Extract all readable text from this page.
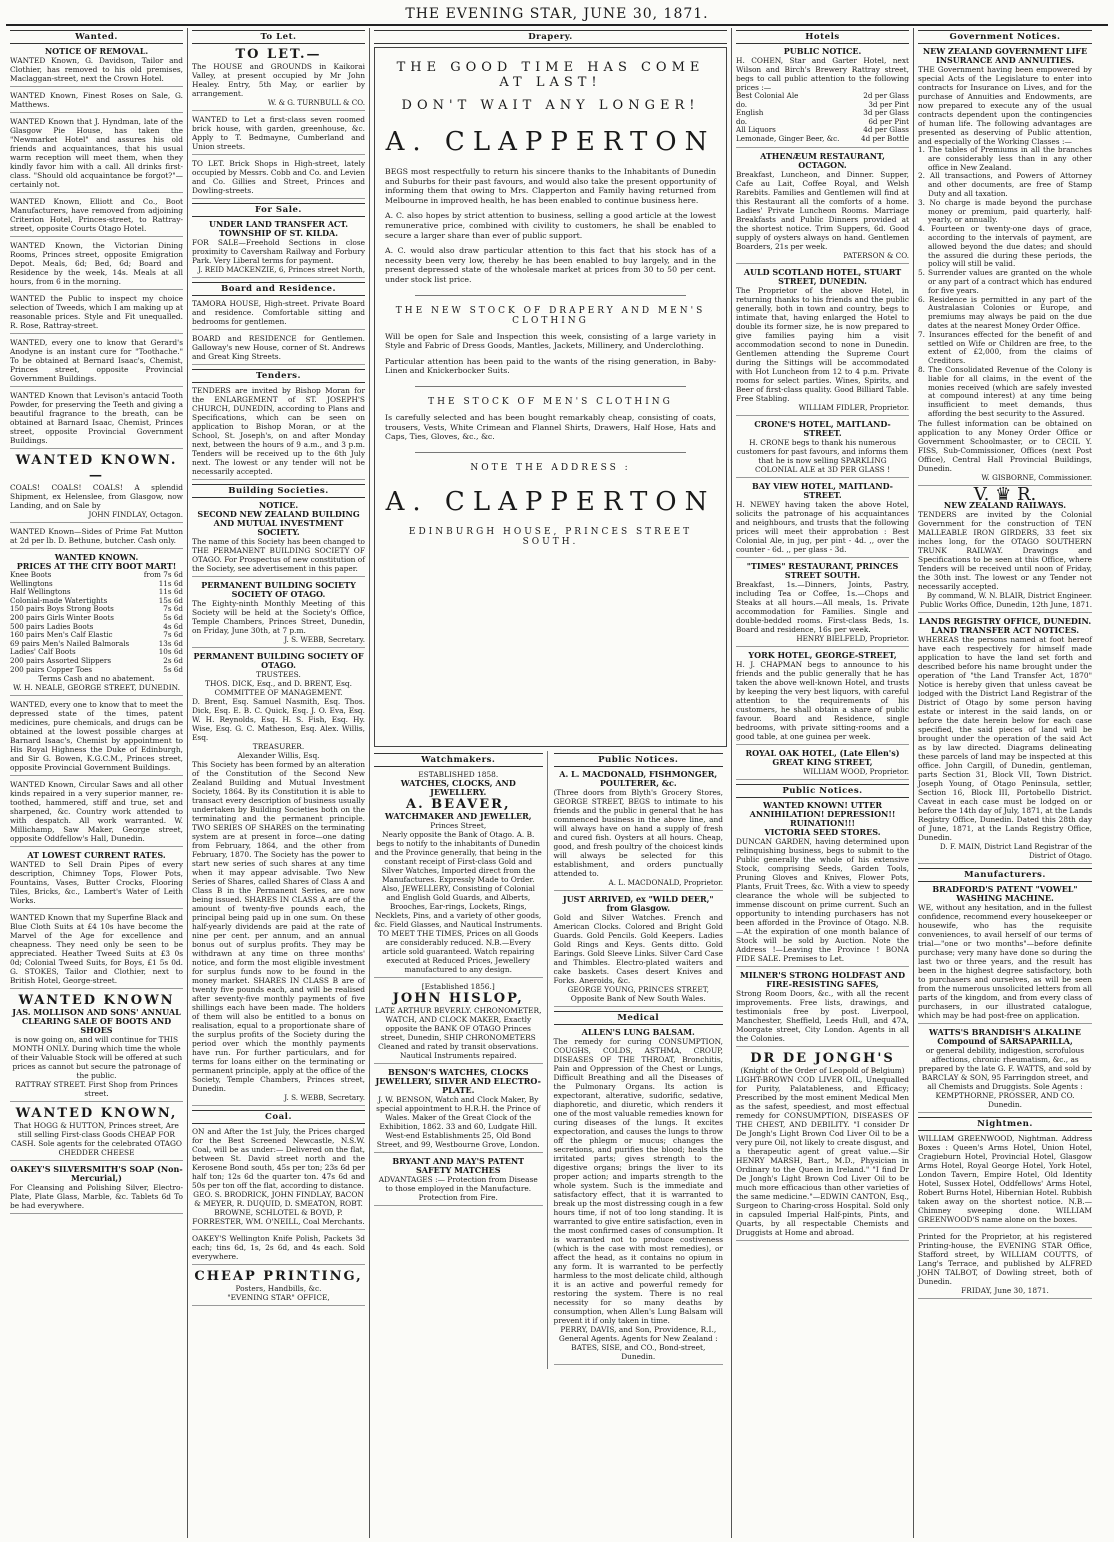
THE EVENING STAR, JUNE 30, 1871.
Wanted.
NOTICE OF REMOVAL.
WANTED Known, G. Davidson, Tailor and Clothier, has removed to his old premises, Maclaggan-street, next the Crown Hotel.
WANTED Known, Finest Roses on Sale, G. Matthews.
WANTED Known that J. Hyndman, late of the Glasgow Pie House, has taken the "Newmarket Hotel" and assures his old friends and acquaintances, that his usual warm reception will meet them, when they kindly favor him with a call. All drinks first-class. "Should old acquaintance be forgot?"—certainly not.
WANTED Known, Elliott and Co., Boot Manufacturers, have removed from adjoining Criterion Hotel, Princes-street, to Rattray-street, opposite Courts Otago Hotel.
WANTED Known, the Victorian Dining Rooms, Princes street, opposite Emigration Depot. Meals, 6d; Bed, 6d; Board and Residence by the week, 14s. Meals at all hours, from 6 in the morning.
WANTED the Public to inspect my choice selection of Tweeds, which I am making up at reasonable prices. Style and Fit unequalled. R. Rose, Rattray-street.
WANTED, every one to know that Gerard's Anodyne is an instant cure for "Toothache." To be obtained at Bernard Isaac's, Chemist, Princes street, opposite Provincial Government Buildings.
WANTED Known that Levison's antacid Tooth Powder, for preserving the Teeth and giving a beautiful fragrance to the breath, can be obtained at Barnard Isaac, Chemist, Princes street, opposite Provincial Government Buildings.
WANTED KNOWN.—
COALS! COALS! COALS! A splendid Shipment, ex Helenslee, from Glasgow, now Landing, and on Sale by
JOHN FINDLAY, Octagon.
WANTED Known—Sides of Prime Fat Mutton at 2d per lb. D. Bethune, butcher. Cash only.
WANTED KNOWN.
PRICES AT THE CITY BOOT MART!
Knee Boots	from 7s 6d
Wellingtons	11s 6d
Half Wellingtons	11s 6d
Colonial-made Watertights	15s 6d
150 pairs Boys Strong Boots	7s 6d
200 pairs Girls Winter Boots	5s 6d
500 pairs Ladies Boots	4s 6d
160 pairs Men's Calf Elastic	7s 6d
69 pairs Men's Nailed Balmorals	13s 6d
Ladies' Calf Boots	10s 6d
200 pairs Assorted Slippers	2s 6d
200 pairs Copper Toes	5s 6d
Terms Cash and no abatement.
W. H. NEALE, GEORGE STREET, DUNEDIN.
WANTED, every one to know that to meet the depressed state of the times, patent medicines, pure chemicals, and drugs can be obtained at the lowest possible charges at Barnard Isaac's, Chemist by appointment to His Royal Highness the Duke of Edinburgh, and Sir G. Bowen, K.G.C.M., Princes street, opposite Provincial Government Buildings.
WANTED Known, Circular Saws and all other kinds repaired in a very superior manner, re-toothed, hammered, stiff and true, set and sharpened, &c. Country work attended to with despatch. All work warranted. W. Millichamp, Saw Maker, George street, opposite Oddfellow's Hall, Dunedin.
AT LOWEST CURRENT RATES.
WANTED to Sell Drain Pipes of every description, Chimney Tops, Flower Pots, Fountains, Vases, Butter Crocks, Flooring Tiles, Bricks, &c., Lambert's Water of Leith Works.
WANTED Known that my Superfine Black and Blue Cloth Suits at £4 10s have become the Marvel of the Age for excellence and cheapness. They need only be seen to be appreciated. Heather Tweed Suits at £3 0s 0d; Colonial Tweed Suits, for Boys, £1 5s 0d. G. STOKES, Tailor and Clothier, next to British Hotel, George-street.
WANTED KNOWN
JAS. MOLLISON AND SONS' ANNUAL CLEARING SALE OF BOOTS AND SHOES
is now going on, and will continue for THIS MONTH ONLY. During which time the whole of their Valuable Stock will be offered at such prices as cannot but secure the patronage of the public.
RATTRAY STREET. First Shop from Princes street.
WANTED KNOWN,
That HOGG & HUTTON, Princes street, Are still selling First-class Goods CHEAP FOR CASH. Sole agents for the celebrated OTAGO CHEDDER CHEESE
OAKEY'S SILVERSMITH'S SOAP (Non-Mercurial,)
For Cleansing and Polishing Silver, Electro-Plate, Plate Glass, Marble, &c. Tablets 6d To be had everywhere.
To Let.
TO LET.—
The HOUSE and GROUNDS in Kaikorai Valley, at present occupied by Mr John Healey. Entry, 5th May, or earlier by arrangement.
W. & G. TURNBULL & CO.
WANTED to Let a first-class seven roomed brick house, with garden, greenhouse, &c. Apply to T. Bedmayne, Cumberland and Union streets.
TO LET. Brick Shops in High-street, lately occupied by Messrs. Cobb and Co. and Levien and Co. Gillies and Street, Princes and Dowling-streets.
For Sale.
UNDER LAND TRANSFER ACT. TOWNSHIP OF ST. KILDA.
FOR SALE—Freehold Sections in close proximity to Caversham Railway and Forbury Park. Very Liberal terms for payment.
J. REID MACKENZIE, 6, Princes street North,
Board and Residence.
TAMORA HOUSE, High-street. Private Board and residence. Comfortable sitting and bedrooms for gentlemen.
BOARD and RESIDENCE for Gentlemen. Galloway's new House, corner of St. Andrews and Great King Streets.
Tenders.
TENDERS are invited by Bishop Moran for the ENLARGEMENT of ST. JOSEPH'S CHURCH, DUNEDIN, according to Plans and Specifications, which can be seen on application to Bishop Moran, or at the School, St. Joseph's, on and after Monday next, between the hours of 9 a.m., and 3 p.m. Tenders will be received up to the 6th July next. The lowest or any tender will not be necessarily accepted.
Building Societies.
NOTICE.
SECOND NEW ZEALAND BUILDING AND MUTUAL INVESTMENT SOCIETY.
The name of this Society has been changed to THE PERMANENT BUILDING SOCIETY OF OTAGO. For Prospectus of new constitution of the Society, see advertisement in this paper.
PERMANENT BUILDING SOCIETY SOCIETY OF OTAGO.
The Eighty-ninth Monthly Meeting of this Society will be held at the Society's Office, Temple Chambers, Princes Street, Dunedin, on Friday, June 30th, at 7 p.m.
J. S. WEBB, Secretary.
PERMANENT BUILDING SOCIETY OF OTAGO.
TRUSTEES.
THOS. DICK, Esq., and D. BRENT, Esq.
COMMITTEE OF MANAGEMENT.
D. Brent, Esq. Samuel Nasmith, Esq. Thos. Dick, Esq. E. B. C. Quick, Esq. J. O. Eva, Esq. W. H. Reynolds, Esq. H. S. Fish, Esq. Hy. Wise, Esq. G. C. Matheson, Esq. Alex. Willis, Esq.
TREASURER.
Alexander Willis, Esq.
This Society has been formed by an alteration of the Constitution of the Second New Zealand Building and Mutual Investment Society, 1864. By its Constitution it is able to transact every description of business usually undertaken by Building Societies both on the terminating and the permanent principle. TWO SERIES OF SHARES on the terminating system are at present in force—one dating from February, 1864, and the other from February, 1870. The Society has the power to start new series of such shares at any time when it may appear advisable. Two New Series of Shares, called Shares of Class A and Class B in the Permanent Series, are now being issued. SHARES IN CLASS A are of the amount of twenty-five pounds each, the principal being paid up in one sum. On these half-yearly dividends are paid at the rate of nine per cent. per annum, and an annual bonus out of surplus profits. They may be withdrawn at any time on three months' notice, and form the most eligible investment for surplus funds now to be found in the money market. SHARES IN CLASS B are of twenty five pounds each, and will be realised after seventy-five monthly payments of five shillings each have been made. The holders of them will also be entitled to a bonus on realisation, equal to a proportionate share of the surplus profits of the Society during the period over which the monthly payments have run. For further particulars, and for terms for loans either on the terminating or permanent principle, apply at the office of the Society, Temple Chambers, Princes street, Dunedin.
J. S. WEBB, Secretary.
Coal.
ON and After the 1st July, the Prices charged for the Best Screened Newcastle, N.S.W. Coal, will be as under:— Delivered on the flat, between St. David street north and the Kerosene Bond south, 45s per ton; 23s 6d per half ton; 12s 6d the quarter ton. 47s 6d and 50s per ton off the flat, according to distance.
GEO. S. BRODRICK, JOHN FINDLAY, BACON & MEYER, R. DUQUID, D. SMEATON, ROBT. BROWNE, SCHLOTEL & BOYD, P. FORRESTER, WM. O'NEILL, Coal Merchants.
OAKEY'S Wellington Knife Polish, Packets 3d each; tins 6d, 1s, 2s 6d, and 4s each. Sold everywhere.
CHEAP PRINTING,
Posters, Handbills, &c.
"EVENING STAR" OFFICE,
Drapery.
THE GOOD TIME HAS COME AT LAST!
DON'T WAIT ANY LONGER!
A. CLAPPERTON
BEGS most respectfully to return his sincere thanks to the Inhabitants of Dunedin and Suburbs for their past favours, and would also take the present opportunity of informing them that owing to Mrs. Clapperton and Family having returned from Melbourne in improved health, he has been enabled to continue business here.
A. C. also hopes by strict attention to business, selling a good article at the lowest remunerative price, combined with civility to customers, he shall be enabled to secure a larger share than ever of public support.
A. C. would also draw particular attention to this fact that his stock has of a necessity been very low, thereby he has been enabled to buy largely, and in the present depressed state of the wholesale market at prices from 30 to 50 per cent. under stock list price.
THE NEW STOCK OF DRAPERY AND MEN'S CLOTHING
Will be open for Sale and Inspection this week, consisting of a large variety in Style and Fabric of Dress Goods, Mantles, Jackets, Millinery, and Underclothing.
Particular attention has been paid to the wants of the rising generation, in Baby-Linen and Knickerbocker Suits.
THE STOCK OF MEN'S CLOTHING
Is carefully selected and has been bought remarkably cheap, consisting of coats, trousers, Vests, White Crimean and Flannel Shirts, Drawers, Half Hose, Hats and Caps, Ties, Gloves, &c., &c.
NOTE THE ADDRESS :
A. CLAPPERTON
EDINBURGH HOUSE, PRINCES STREET SOUTH.
Watchmakers.
ESTABLISHED 1858.
WATCHES, CLOCKS, AND JEWELLERY.
A. BEAVER,
WATCHMAKER AND JEWELLER,
Princes Street,
Nearly opposite the Bank of Otago. A. B. begs to notify to the inhabitants of Dunedin and the Province generally, that being in the constant receipt of First-class Gold and Silver Watches, Imported direct from the Manufactures. Expressly Made to Order. Also, JEWELLERY, Consisting of Colonial and English Gold Guards, and Alberts, Brooches, Ear-rings, Lockets, Rings, Necklets, Pins, and a variety of other goods, &c. Field Glasses, and Nautical Instruments. TO MEET THE TIMES, Prices on all Goods are considerably reduced. N.B.—Every article sold guaranteed. Watch repairing executed at Reduced Prices, Jewellery manufactured to any design.
[Established 1856.]
JOHN HISLOP,
LATE ARTHUR BEVERLY. CHRONOMETER, WATCH, AND CLOCK MAKER, Exactly opposite the BANK OF OTAGO Princes street, Dunedin, SHIP CHRONOMETERS Cleaned and rated by transit observations. Nautical Instruments repaired.
BENSON'S WATCHES, CLOCKS JEWELLERY, SILVER AND ELECTRO-PLATE.
J. W. BENSON, Watch and Clock Maker, By special appointment to H.R.H. the Prince of Wales. Maker of the Great Clock of the Exhibition, 1862. 33 and 60, Ludgate Hill. West-end Establishments 25, Old Bond Street, and 99, Westbourne Grove, London.
BRYANT AND MAY'S PATENT SAFETY MATCHES
ADVANTAGES :— Protection from Disease to those employed in the Manufacture. Protection from Fire.
Public Notices.
A. L. MACDONALD, FISHMONGER, POULTERER, &c.
(Three doors from Blyth's Grocery Stores, GEORGE STREET, BEGS to intimate to his friends and the public in general that he has commenced business in the above line, and will always have on hand a supply of fresh and cured fish. Oysters at all hours. Cheap, good, and fresh poultry of the choicest kinds will always be selected for this establishment, and orders punctually attended to.
A. L. MACDONALD, Proprietor.
JUST ARRIVED, ex "WILD DEER," from Glasgow.
Gold and Silver Watches. French and American Clocks. Colored and Bright Gold Guards. Gold Pencils. Gold Keepers. Ladies Gold Rings and Keys. Gents ditto. Gold Earings. Gold Sleeve Links. Silver Card Case and Thimbles. Electro-plated waiters and cake baskets. Cases desert Knives and Forks. Aneroids, &c.
GEORGE YOUNG, PRINCES STREET, Opposite Bank of New South Wales.
Medical
ALLEN'S LUNG BALSAM.
The remedy for curing CONSUMPTION, COUGHS, COLDS, ASTHMA, CROUP, DISEASES OF THE THROAT, Bronchitis, Pain and Oppression of the Chest or Lungs, Difficult Breathing and all the Diseases of the Pulmonary Organs. Its action is expectorant, alterative, sudorific, sedative, diaphoretic, and diuretic, which renders it one of the most valuable remedies known for curing diseases of the lungs. It excites expectoration, and causes the lungs to throw off the phlegm or mucus; changes the secretions, and purifies the blood; heals the irritated parts; gives strength to the digestive organs; brings the liver to its proper action; and imparts strength to the whole system. Such is the immediate and satisfactory effect, that it is warranted to break up the most distressing cough in a few hours time, if not of too long standing. It is warranted to give entire satisfaction, even in the most confirmed cases of consumption. It is warranted not to produce costiveness (which is the case with most remedies), or affect the head, as it contains no opium in any form. It is warranted to be perfectly harmless to the most delicate child, although it is an active and powerful remedy for restoring the system. There is no real necessity for so many deaths by consumption, when Allen's Lung Balsam will prevent it if only taken in time.
PERRY, DAVIS, and Son, Providence, R.I., General Agents. Agents for New Zealand : BATES, SISE, and CO., Bond-street, Dunedin.
Hotels
PUBLIC NOTICE.
H. COHEN, Star and Garter Hotel, next Wilson and Birch's Brewery Rattray street, begs to call public attention to the following prices :—
Best Colonial Ale	2d per Glass
do.	3d per Pint
English	3d per Glass
do.	6d per Pint
All Liquors	4d per Glass
Lemonade, Ginger Beer, &c.	4d per Bottle
ATHENÆUM RESTAURANT, OCTAGON.
Breakfast, Luncheon, and Dinner. Supper, Cafe au Lait, Coffee Royal, and Welsh Rarebits. Families and Gentlemen will find at this Restaurant all the comforts of a home. Ladies' Private Luncheon Rooms. Marriage Breakfasts and Public Dinners provided at the shortest notice. Trim Suppers, 6d. Good supply of oysters always on hand. Gentlemen Boarders, 21s per week.
PATERSON & CO.
AULD SCOTLAND HOTEL, STUART STREET, DUNEDIN.
The Proprietor of the above Hotel, in returning thanks to his friends and the public generally, both in town and country, begs to intimate that, having enlarged the Hotel to double its former size, he is now prepared to give families paying him a visit accommodation second to none in Dunedin. Gentlemen attending the Supreme Court during the Sittings will be accommodated with Hot Luncheon from 12 to 4 p.m. Private rooms for select parties. Wines, Spirits, and Beer of first-class quality. Good Billiard Table. Free Stabling.
WILLIAM FIDLER, Proprietor.
CRONE'S HOTEL, MAITLAND-STREET.
H. CRONE begs to thank his numerous customers for past favours, and informs them that he is now selling SPARKLING COLONIAL ALE at 3D PER GLASS !
BAY VIEW HOTEL, MAITLAND-STREET.
H. NEWEY having taken the above Hotel, solicits the patronage of his acquaintances and neighbours, and trusts that the following prices will meet their approbation : Best Colonial Ale, in jug, per pint - 4d. ,, over the counter - 6d. ,, per glass - 3d.
"TIMES" RESTAURANT, PRINCES STREET SOUTH.
Breakfast, 1s.—Dinners, Joints, Pastry, including Tea or Coffee, 1s.—Chops and Steaks at all hours.—All meals, 1s. Private accommodation for Families. Single and double-bedded rooms. First-class Beds, 1s. Board and residence, 16s per week.
HENRY BIELFELD, Proprietor.
YORK HOTEL, GEORGE-STREET,
H. J. CHAPMAN begs to announce to his friends and the public generally that he has taken the above well-known Hotel, and trusts by keeping the very best liquors, with careful attention to the requirements of his customers, he shall obtain a share of public favour. Board and Residence, single bedrooms, with private sitting-rooms and a good table, at one guinea per week.
ROYAL OAK HOTEL, (Late Ellen's) GREAT KING STREET,
WILLIAM WOOD, Proprietor.
Public Notices.
WANTED KNOWN! UTTER ANNIHILATION! DEPRESSION!! RUINATION!!!
VICTORIA SEED STORES.
DUNCAN GARDEN, having determined upon relinquishing business, begs to submit to the Public generally the whole of his extensive Stock, comprising Seeds, Garden Tools, Pruning Gloves and Knives, Flower Pots, Plants, Fruit Trees, &c. With a view to speedy clearance the whole will be subjected to immense discount on prime current. Such an opportunity to intending purchasers has not been afforded in the Province of Otago. N.B.—At the expiration of one month balance of Stock will be sold by Auction. Note the Address !—Leaving the Province ! BONA FIDE SALE. Premises to Let.
MILNER'S STRONG HOLDFAST AND FIRE-RESISTING SAFES,
Strong Room Doors, &c., with all the recent improvements. Free lists, drawings, and testimonials free by post. Liverpool, Manchester, Sheffield, Leeds Hull, and 47A, Moorgate street, City London. Agents in all the Colonies.
DR DE JONGH'S
(Knight of the Order of Leopold of Belgium)
LIGHT-BROWN COD LIVER OIL, Unequalled for Purity, Palatableness, and Efficacy; Prescribed by the most eminent Medical Men as the safest, speediest, and most effectual remedy for CONSUMPTION, DISEASES OF THE CHEST, AND DEBILITY. "I consider Dr De Jongh's Light Brown Cod Liver Oil to be a very pure Oil, not likely to create disgust, and a therapeutic agent of great value.—Sir HENRY MARSH, Bart., M.D., Physician in Ordinary to the Queen in Ireland." "I find Dr De Jongh's Light Brown Cod Liver Oil to be much more efficacious than other varieties of the same medicine."—EDWIN CANTON, Esq., Surgeon to Charing-cross Hospital. Sold only in capsuled Imperial Half-pints, Pints, and Quarts, by all respectable Chemists and Druggists at Home and abroad.
Government Notices.
NEW ZEALAND GOVERNMENT LIFE INSURANCE AND ANNUITIES.
THE Government having been empowered by special Acts of the Legislature to enter into contracts for Insurance on Lives, and for the purchase of Annuities and Endowments, are now prepared to execute any of the usual contracts dependent upon the contingencies of human life. The following advantages are presented as deserving of Public attention, and especially of the Working Classes :—
1. The tables of Premiums in all the branches are considerably less than in any other office in New Zealand.
2. All transactions, and Powers of Attorney and other documents, are free of Stamp Duty and all taxation.
3. No charge is made beyond the purchase money or premium, paid quarterly, half-yearly, or annually.
4. Fourteen or twenty-one days of grace, according to the intervals of payment, are allowed beyond the due dates; and should the assured die during these periods, the policy will still be valid.
5. Surrender values are granted on the whole or any part of a contract which has endured for five years.
6. Residence is permitted in any part of the Australasian Colonies or Europe, and premiums may always be paid on the due dates at the nearest Money Order Office.
7. Insurances effected for the benefit of and settled on Wife or Children are free, to the extent of £2,000, from the claims of Creditors.
8. The Consolidated Revenue of the Colony is liable for all claims, in the event of the monies received (which are safely invested at compound interest) at any time being insufficient to meet demands, thus affording the best security to the Assured.
The fullest information can be obtained on application to any Money Order Office or Government Schoolmaster, or to CECIL Y. FISS, Sub-Commissioner, Offices (next Post Office), Central Hall Provincial Buildings, Dunedin.
W. GISBORNE, Commissioner.
V. ♛ R.
NEW ZEALAND RAILWAYS.
TENDERS are invited by the Colonial Government for the construction of TEN MALLEABLE IRON GIRDERS, 33 feet six inches long, for the OTAGO SOUTHERN TRUNK RAILWAY. Drawings and Specifications to be seen at this Office, where Tenders will be received until noon of Friday, the 30th inst. The lowest or any Tender not necessarily accepted.
By command, W. N. BLAIR, District Engineer. Public Works Office, Dunedin, 12th June, 1871.
LANDS REGISTRY OFFICE, DUNEDIN. LAND TRANSFER ACT NOTICES.
WHEREAS the persons named at foot hereof have each respectively for himself made application to have the land set forth and described before his name brought under the operation of "the Land Transfer Act, 1870" Notice is hereby given that unless caveat be lodged with the District Land Registrar of the District of Otago by some person having estate or interest in the said lands, on or before the date herein below for each case specified, the said pieces of land will be brought under the operation of the said Act as by law directed. Diagrams delineating these parcels of land may be inspected at this office. John Cargill, of Dunedin, gentleman, parts Section 31, Block VII, Town District. Joseph Young, of Otago Peninsula, settler, Section 16, Block III, Portobello District. Caveat in each case must be lodged on or before the 14th day of July, 1871, at the Lands Registry Office, Dunedin. Dated this 28th day of June, 1871, at the Lands Registry Office, Dunedin.
D. F. MAIN, District Land Registrar of the District of Otago.
Manufacturers.
BRADFORD'S PATENT "VOWEL" WASHING MACHINE.
WE, without any hesitation, and in the fullest confidence, recommend every housekeeper or housewife, who has the requisite conveniences, to avail herself of our terms of trial—"one or two months"—before definite purchase; very many have done so during the last two or three years, and the result has been in the highest degree satisfactory, both to purchasers and ourselves, as will be seen from the numerous unsolicited letters from all parts of the kingdom, and from every class of purchasers, in our illustrated catalogue, which may be had post-free on application.
WATTS'S BRANDISH'S ALKALINE Compound of SARSAPARILLA,
or general debility, indigestion, scrofulous affections, chronic rheumatism, &c., as prepared by the late G. F. WATTS, and sold by BARCLAY & SON, 95 Farringdon street, and all Chemists and Druggists. Sole Agents : KEMPTHORNE, PROSSER, AND CO. Dunedin.
Nightmen.
WILLIAM GREENWOOD, Nightman. Address Boxes : Queen's Arms Hotel, Union Hotel, Cragieburn Hotel, Provincial Hotel, Glasgow Arms Hotel, Royal George Hotel, York Hotel, London Tavern, Empire Hotel, Old Identity Hotel, Sussex Hotel, Oddfellows' Arms Hotel, Robert Burns Hotel, Hibernian Hotel. Rubbish taken away on the shortest notice. N.B.—Chimney sweeping done. WILLIAM GREENWOOD'S name alone on the boxes.
Printed for the Proprietor, at his registered Printing-house, the EVENING STAR Office, Stafford street, by WILLIAM COUTTS, of Lang's Terrace, and published by ALFRED JOHN TALBOT, of Dowling street, both of Dunedin.
FRIDAY, June 30, 1871.
